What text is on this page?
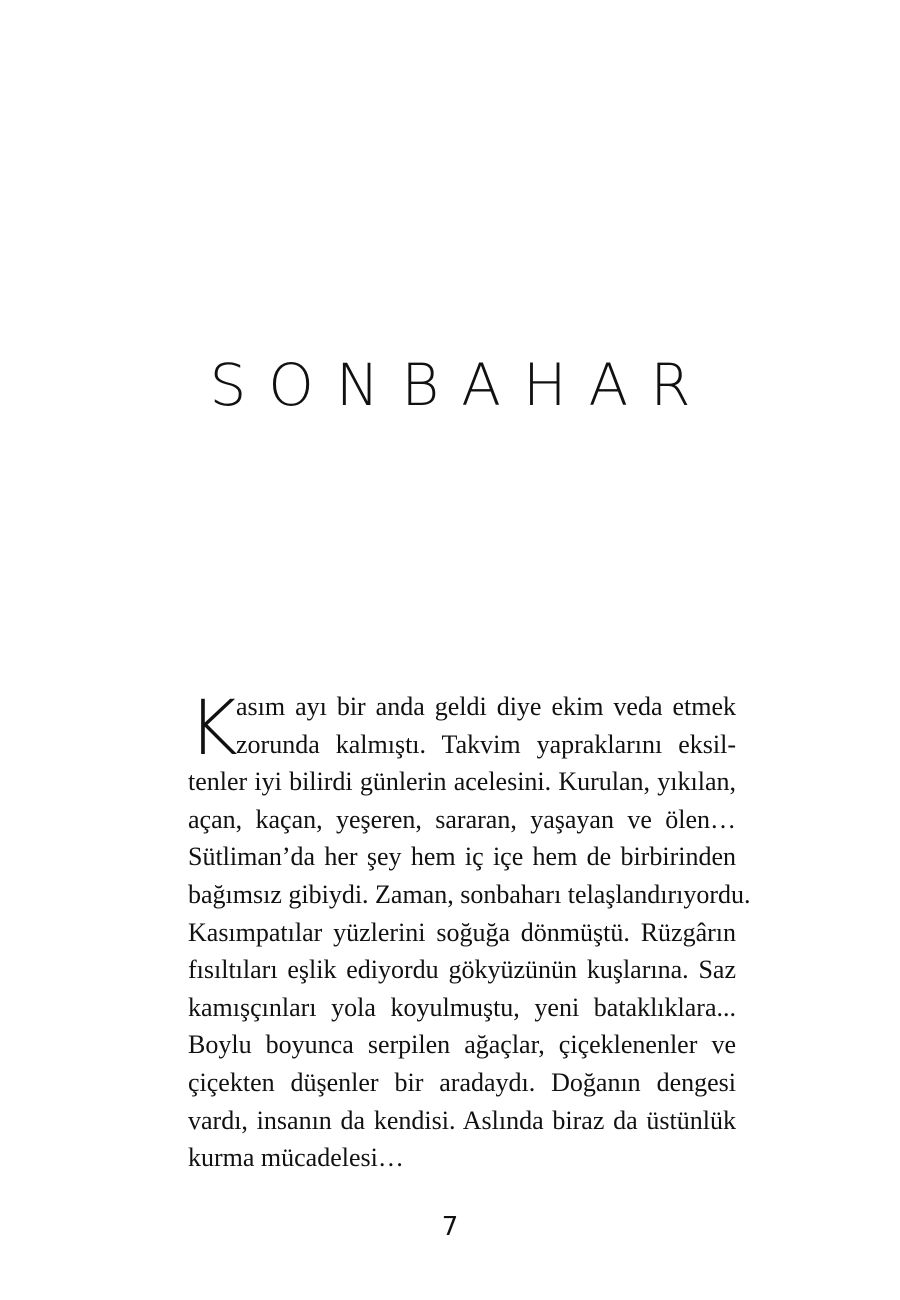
SONBAHAR
K
asım ayı bir anda geldi diye ekim veda etmek
zorunda kalmıştı. Takvim yapraklarını eksil-
tenler iyi bilirdi günlerin acelesini. Kurulan, yıkılan,
açan, kaçan, yeşeren, sararan, yaşayan ve ölen…
Sütliman’da her şey hem iç içe hem de birbirinden
bağımsız gibiydi. Zaman, sonbaharı telaşlandırıyordu.
Kasımpatılar yüzlerini soğuğa dönmüştü. Rüzgârın
fısıltıları eşlik ediyordu gökyüzünün kuşlarına. Saz
kamışçınları yola koyulmuştu, yeni bataklıklara...
Boylu boyunca serpilen ağaçlar, çiçeklenenler ve
çiçekten düşenler bir aradaydı. Doğanın dengesi
vardı, insanın da kendisi. Aslında biraz da üstünlük
kurma mücadelesi…
7
